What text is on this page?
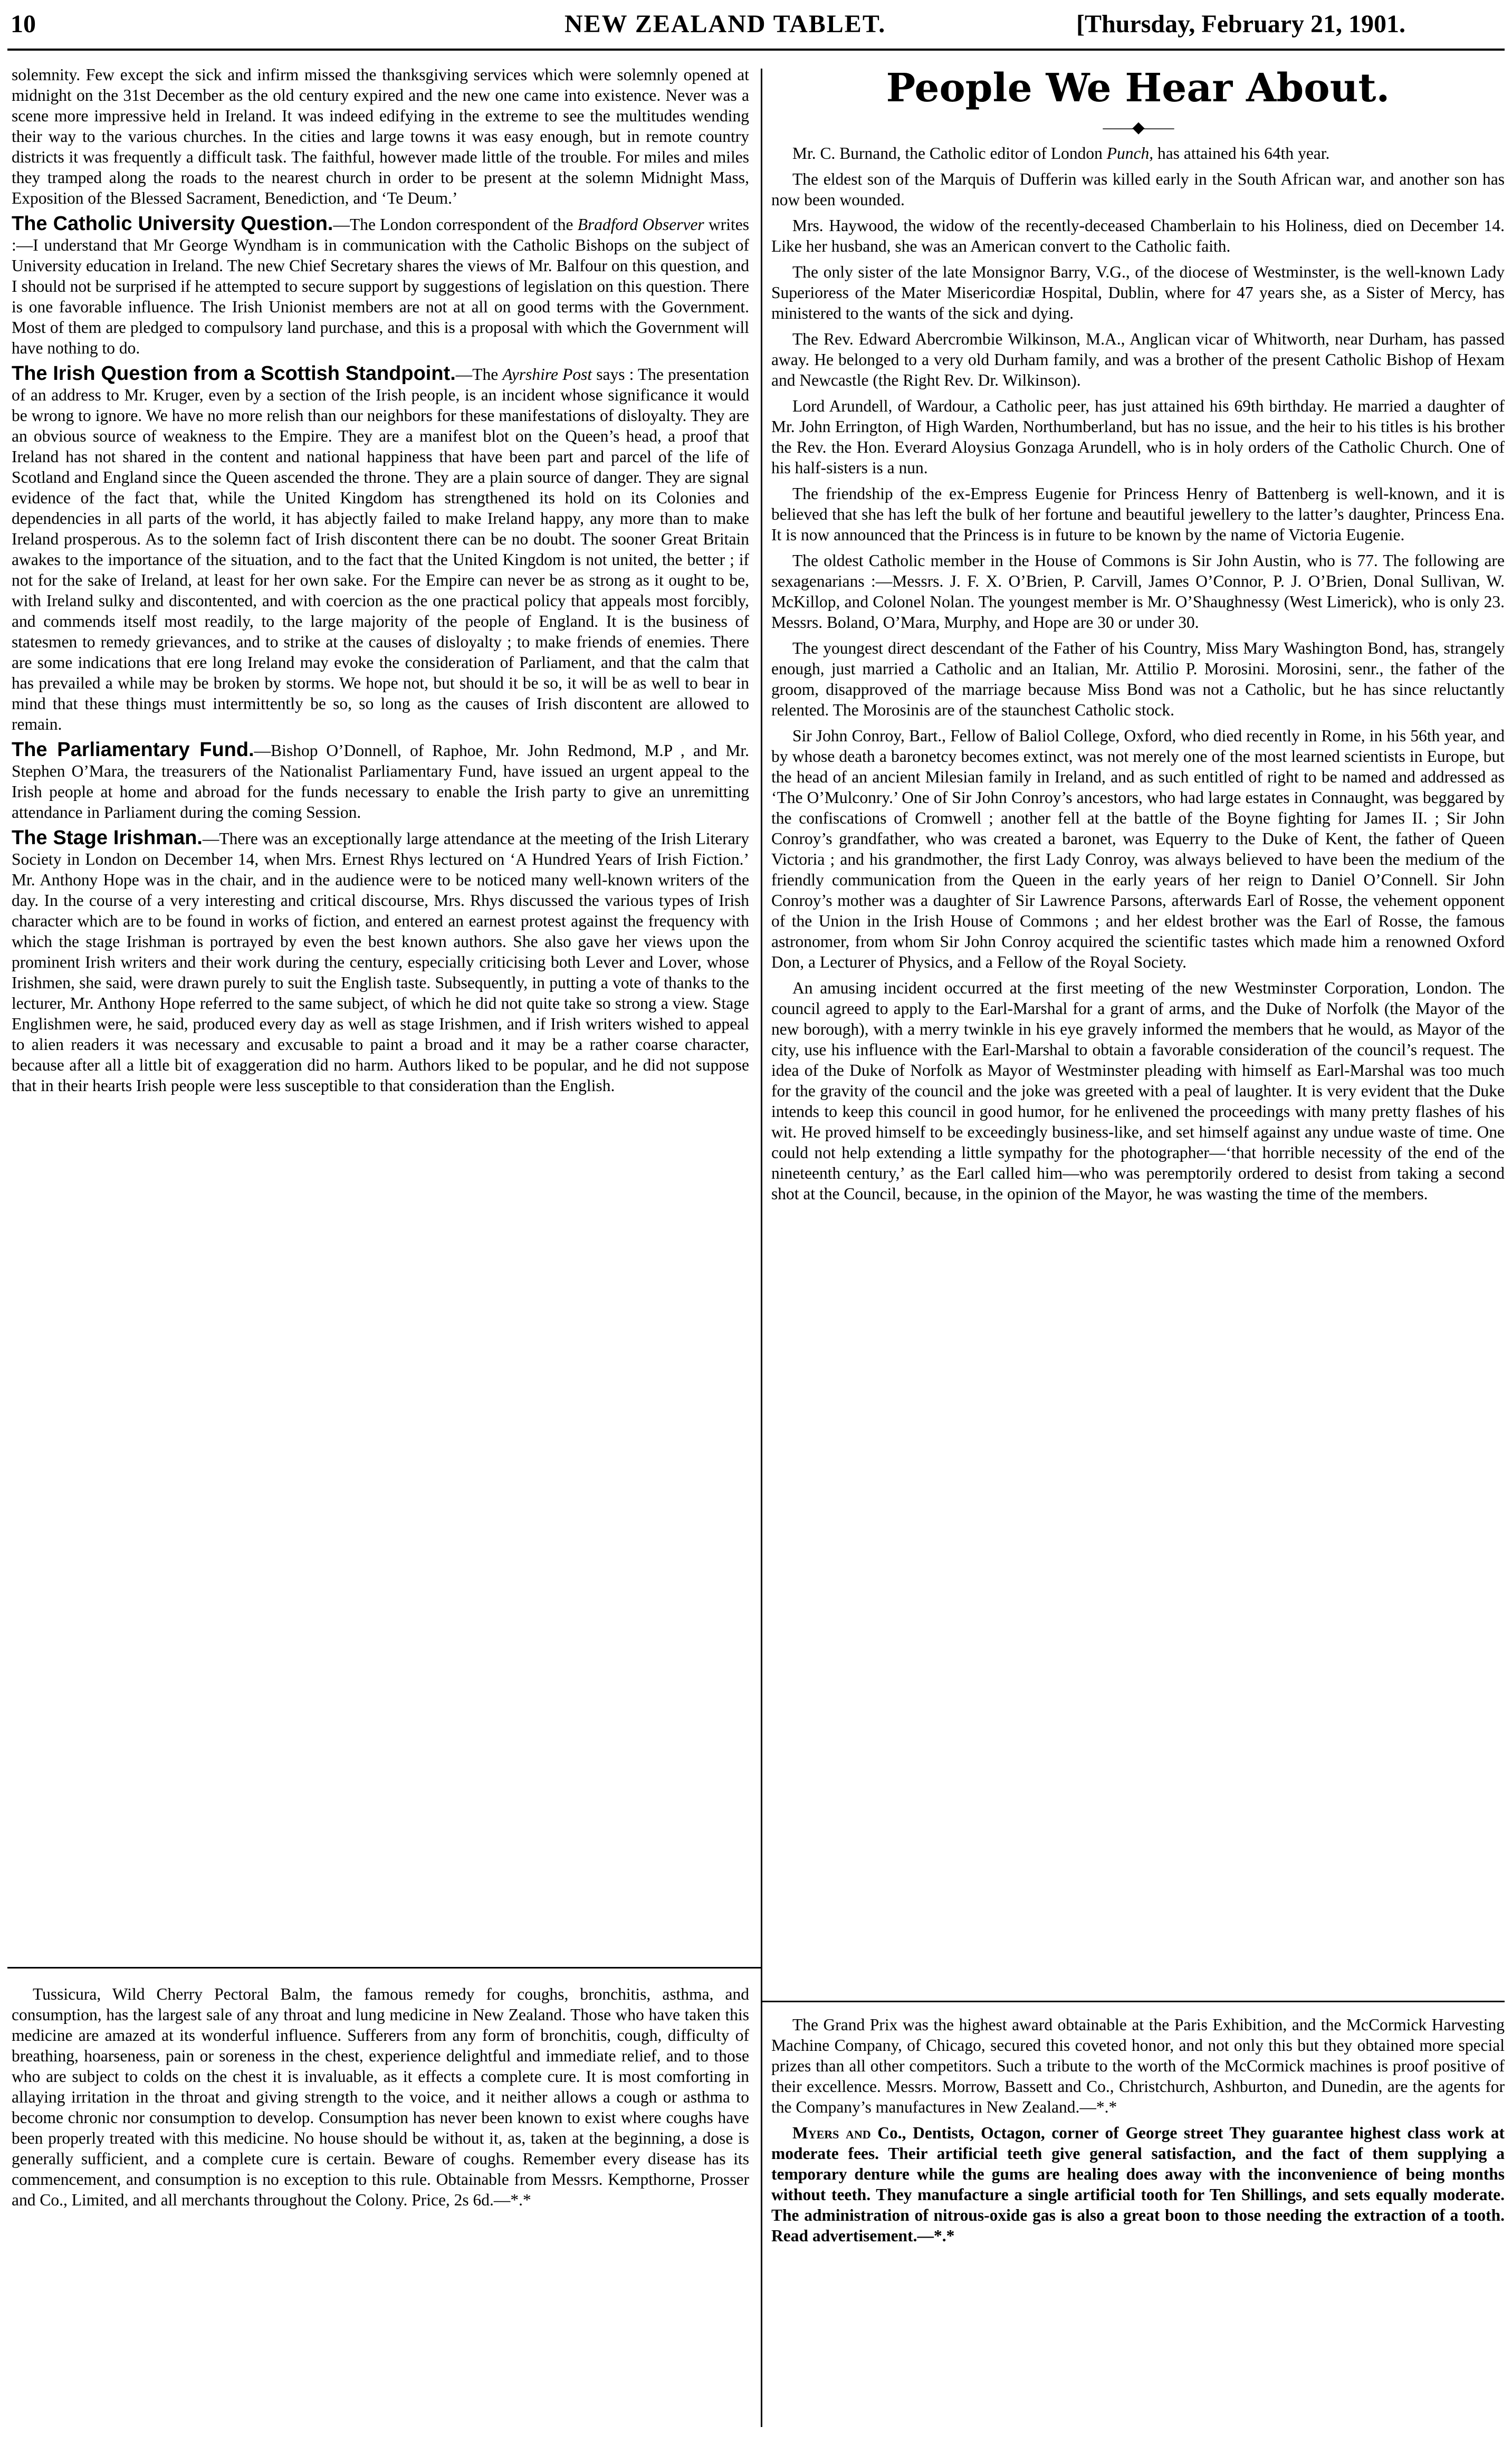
10	NEW ZEALAND TABLET.	[Thursday, February 21, 1901.

solemnity. Few except the sick and infirm missed the thanksgiving services which were solemnly opened at midnight on the 31st December as the old century expired and the new one came into existence. Never was a scene more impressive held in Ireland. It was indeed edifying in the extreme to see the multitudes wending their way to the various churches. In the cities and large towns it was easy enough, but in remote country districts it was frequently a difficult task. The faithful, however made little of the trouble. For miles and miles they tramped along the roads to the nearest church in order to be present at the solemn Midnight Mass, Exposition of the Blessed Sacrament, Benediction, and ‘Te Deum.’

The Catholic University Question.—The London correspondent of the Bradford Observer writes :—I understand that Mr George Wyndham is in communication with the Catholic Bishops on the subject of University education in Ireland. The new Chief Secretary shares the views of Mr. Balfour on this question, and I should not be surprised if he attempted to secure support by suggestions of legislation on this question. There is one favorable influence. The Irish Unionist members are not at all on good terms with the Government. Most of them are pledged to compulsory land purchase, and this is a proposal with which the Government will have nothing to do.

The Irish Question from a Scottish Standpoint.—The Ayrshire Post says : The presentation of an address to Mr. Kruger, even by a section of the Irish people, is an incident whose significance it would be wrong to ignore. We have no more relish than our neighbors for these manifestations of disloyalty. They are an obvious source of weakness to the Empire. They are a manifest blot on the Queen’s head, a proof that Ireland has not shared in the content and national happiness that have been part and parcel of the life of Scotland and England since the Queen ascended the throne. They are a plain source of danger. They are signal evidence of the fact that, while the United Kingdom has strengthened its hold on its Colonies and dependencies in all parts of the world, it has abjectly failed to make Ireland happy, any more than to make Ireland prosperous. As to the solemn fact of Irish discontent there can be no doubt. The sooner Great Britain awakes to the importance of the situation, and to the fact that the United Kingdom is not united, the better ; if not for the sake of Ireland, at least for her own sake. For the Empire can never be as strong as it ought to be, with Ireland sulky and discontented, and with coercion as the one practical policy that appeals most forcibly, and commends itself most readily, to the large majority of the people of England. It is the business of statesmen to remedy grievances, and to strike at the causes of disloyalty ; to make friends of enemies. There are some indications that ere long Ireland may evoke the consideration of Parliament, and that the calm that has prevailed a while may be broken by storms. We hope not, but should it be so, it will be as well to bear in mind that these things must intermittently be so, so long as the causes of Irish discontent are allowed to remain.

The Parliamentary Fund.—Bishop O’Donnell, of Raphoe, Mr. John Redmond, M.P , and Mr. Stephen O’Mara, the treasurers of the Nationalist Parliamentary Fund, have issued an urgent appeal to the Irish people at home and abroad for the funds necessary to enable the Irish party to give an unremitting attendance in Parliament during the coming Session.

The Stage Irishman.—There was an exceptionally large attendance at the meeting of the Irish Literary Society in London on December 14, when Mrs. Ernest Rhys lectured on ‘A Hundred Years of Irish Fiction.’ Mr. Anthony Hope was in the chair, and in the audience were to be noticed many well-known writers of the day. In the course of a very interesting and critical discourse, Mrs. Rhys discussed the various types of Irish character which are to be found in works of fiction, and entered an earnest protest against the frequency with which the stage Irishman is portrayed by even the best known authors. She also gave her views upon the prominent Irish writers and their work during the century, especially criticising both Lever and Lover, whose Irishmen, she said, were drawn purely to suit the English taste. Subsequently, in putting a vote of thanks to the lecturer, Mr. Anthony Hope referred to the same subject, of which he did not quite take so strong a view. Stage Englishmen were, he said, produced every day as well as stage Irishmen, and if Irish writers wished to appeal to alien readers it was necessary and excusable to paint a broad and it may be a rather coarse character, because after all a little bit of exaggeration did no harm. Authors liked to be popular, and he did not suppose that in their hearts Irish people were less susceptible to that consideration than the English.

Tussicura, Wild Cherry Pectoral Balm, the famous remedy for coughs, bronchitis, asthma, and consumption, has the largest sale of any throat and lung medicine in New Zealand. Those who have taken this medicine are amazed at its wonderful influence. Sufferers from any form of bronchitis, cough, difficulty of breathing, hoarseness, pain or soreness in the chest, experience delightful and immediate relief, and to those who are subject to colds on the chest it is invaluable, as it effects a complete cure. It is most comforting in allaying irritation in the throat and giving strength to the voice, and it neither allows a cough or asthma to become chronic nor consumption to develop. Consumption has never been known to exist where coughs have been properly treated with this medicine. No house should be without it, as, taken at the beginning, a dose is generally sufficient, and a complete cure is certain. Beware of coughs. Remember every disease has its commencement, and consumption is no exception to this rule. Obtainable from Messrs. Kempthorne, Prosser and Co., Limited, and all merchants throughout the Colony. Price, 2s 6d.—*.*

People We Hear About.

——◆——

Mr. C. Burnand, the Catholic editor of London Punch, has attained his 64th year.

The eldest son of the Marquis of Dufferin was killed early in the South African war, and another son has now been wounded.

Mrs. Haywood, the widow of the recently-deceased Chamberlain to his Holiness, died on December 14. Like her husband, she was an American convert to the Catholic faith.

The only sister of the late Monsignor Barry, V.G., of the diocese of Westminster, is the well-known Lady Superioress of the Mater Misericordiæ Hospital, Dublin, where for 47 years she, as a Sister of Mercy, has ministered to the wants of the sick and dying.

The Rev. Edward Abercrombie Wilkinson, M.A., Anglican vicar of Whitworth, near Durham, has passed away. He belonged to a very old Durham family, and was a brother of the present Catholic Bishop of Hexam and Newcastle (the Right Rev. Dr. Wilkinson).

Lord Arundell, of Wardour, a Catholic peer, has just attained his 69th birthday. He married a daughter of Mr. John Errington, of High Warden, Northumberland, but has no issue, and the heir to his titles is his brother the Rev. the Hon. Everard Aloysius Gonzaga Arundell, who is in holy orders of the Catholic Church. One of his half-sisters is a nun.

The friendship of the ex-Empress Eugenie for Princess Henry of Battenberg is well-known, and it is believed that she has left the bulk of her fortune and beautiful jewellery to the latter’s daughter, Princess Ena. It is now announced that the Princess is in future to be known by the name of Victoria Eugenie.

The oldest Catholic member in the House of Commons is Sir John Austin, who is 77. The following are sexagenarians :—Messrs. J. F. X. O’Brien, P. Carvill, James O’Connor, P. J. O’Brien, Donal Sullivan, W. McKillop, and Colonel Nolan. The youngest member is Mr. O’Shaughnessy (West Limerick), who is only 23. Messrs. Boland, O’Mara, Murphy, and Hope are 30 or under 30.

The youngest direct descendant of the Father of his Country, Miss Mary Washington Bond, has, strangely enough, just married a Catholic and an Italian, Mr. Attilio P. Morosini. Morosini, senr., the father of the groom, disapproved of the marriage because Miss Bond was not a Catholic, but he has since reluctantly relented. The Morosinis are of the staunchest Catholic stock.

Sir John Conroy, Bart., Fellow of Baliol College, Oxford, who died recently in Rome, in his 56th year, and by whose death a baronetcy becomes extinct, was not merely one of the most learned scientists in Europe, but the head of an ancient Milesian family in Ireland, and as such entitled of right to be named and addressed as ‘The O’Mulconry.’ One of Sir John Conroy’s ancestors, who had large estates in Connaught, was beggared by the confiscations of Cromwell ; another fell at the battle of the Boyne fighting for James II. ; Sir John Conroy’s grandfather, who was created a baronet, was Equerry to the Duke of Kent, the father of Queen Victoria ; and his grandmother, the first Lady Conroy, was always believed to have been the medium of the friendly communication from the Queen in the early years of her reign to Daniel O’Connell. Sir John Conroy’s mother was a daughter of Sir Lawrence Parsons, afterwards Earl of Rosse, the vehement opponent of the Union in the Irish House of Commons ; and her eldest brother was the Earl of Rosse, the famous astronomer, from whom Sir John Conroy acquired the scientific tastes which made him a renowned Oxford Don, a Lecturer of Physics, and a Fellow of the Royal Society.

An amusing incident occurred at the first meeting of the new Westminster Corporation, London. The council agreed to apply to the Earl-Marshal for a grant of arms, and the Duke of Norfolk (the Mayor of the new borough), with a merry twinkle in his eye gravely informed the members that he would, as Mayor of the city, use his influence with the Earl-Marshal to obtain a favorable consideration of the council’s request. The idea of the Duke of Norfolk as Mayor of Westminster pleading with himself as Earl-Marshal was too much for the gravity of the council and the joke was greeted with a peal of laughter. It is very evident that the Duke intends to keep this council in good humor, for he enlivened the proceedings with many pretty flashes of his wit. He proved himself to be exceedingly business-like, and set himself against any undue waste of time. One could not help extending a little sympathy for the photographer—‘that horrible necessity of the end of the nineteenth century,’ as the Earl called him—who was peremptorily ordered to desist from taking a second shot at the Council, because, in the opinion of the Mayor, he was wasting the time of the members.

The Grand Prix was the highest award obtainable at the Paris Exhibition, and the McCormick Harvesting Machine Company, of Chicago, secured this coveted honor, and not only this but they obtained more special prizes than all other competitors. Such a tribute to the worth of the McCormick machines is proof positive of their excellence. Messrs. Morrow, Bassett and Co., Christchurch, Ashburton, and Dunedin, are the agents for the Company’s manufactures in New Zealand.—*.*

Myers and Co., Dentists, Octagon, corner of George street They guarantee highest class work at moderate fees. Their artificial teeth give general satisfaction, and the fact of them supplying a temporary denture while the gums are healing does away with the inconvenience of being months without teeth. They manufacture a single artificial tooth for Ten Shillings, and sets equally moderate. The administration of nitrous-oxide gas is also a great boon to those needing the extraction of a tooth. Read advertisement.—*.*
